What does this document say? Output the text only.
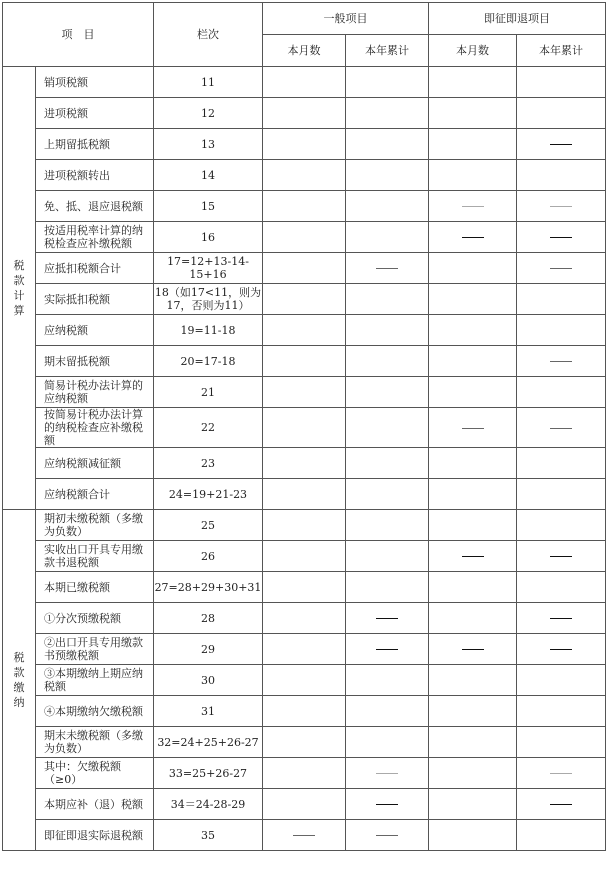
项　目		栏次	一般项目		即征即退项目	
			本月数	本年累计	本月数	本年累计

税
款
计
算	销项税额	11				
	进项税额	12				
	上期留抵税额	13				
	进项税额转出	14				
	免、抵、退应退税额	15				
	按适用税率计算的纳税检查应补缴税额	16				
	应抵扣税额合计	17=12+13-14-15+16				
	实际抵扣税额	18（如17<11，则为17，否则为11）				
	应纳税额	19=11-18				
	期末留抵税额	20=17-18				
	简易计税办法计算的应纳税额	21				
	按简易计税办法计算的纳税检查应补缴税额	22				
	应纳税额减征额	23				
	应纳税额合计	24=19+21-23				

税
款
缴
纳	期初未缴税额（多缴为负数）	25				
	实收出口开具专用缴款书退税额	26				
	本期已缴税额	27=28+29+30+31				
	①分次预缴税额	28				
	②出口开具专用缴款书预缴税额	29				
	③本期缴纳上期应纳税额	30				
	④本期缴纳欠缴税额	31				
	期末未缴税额（多缴为负数）	32=24+25+26-27				
	其中：欠缴税额（≥0）	33=25+26-27				
	本期应补（退）税额	34＝24-28-29				
	即征即退实际退税额	35				
